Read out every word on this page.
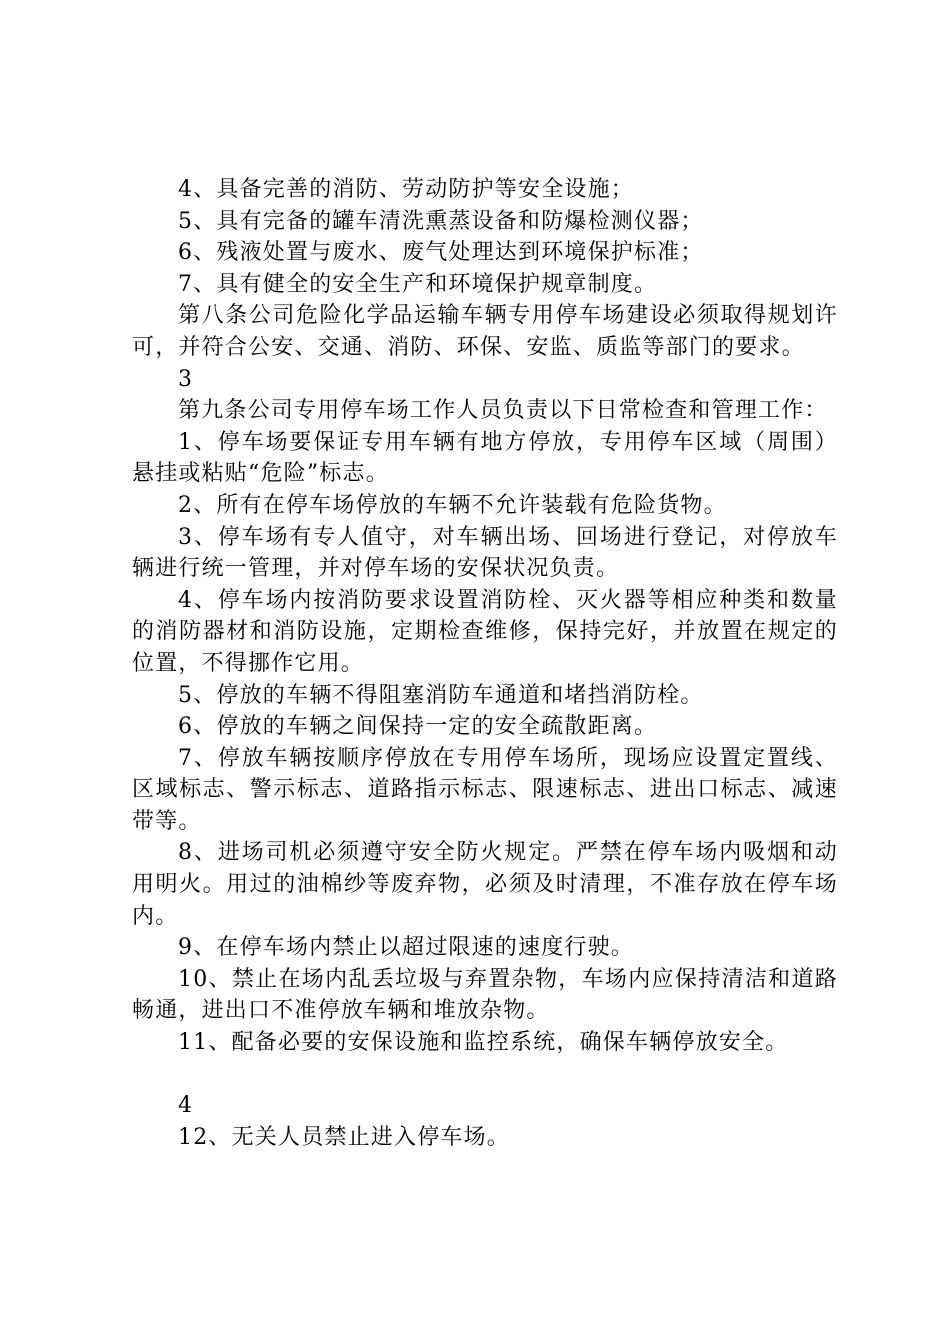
4、具备完善的消防、劳动防护等安全设施；

5、具有完备的罐车清洗熏蒸设备和防爆检测仪器；

6、残液处置与废水、废气处理达到环境保护标准；

7、具有健全的安全生产和环境保护规章制度。

第八条公司危险化学品运输车辆专用停车场建设必须取得规划许可，并符合公安、交通、消防、环保、安监、质监等部门的要求。

3

第九条公司专用停车场工作人员负责以下日常检查和管理工作：

1、停车场要保证专用车辆有地方停放，专用停车区域（周围）悬挂或粘贴“危险”标志。

2、所有在停车场停放的车辆不允许装载有危险货物。

3、停车场有专人值守，对车辆出场、回场进行登记，对停放车辆进行统一管理，并对停车场的安保状况负责。

4、停车场内按消防要求设置消防栓、灭火器等相应种类和数量的消防器材和消防设施，定期检查维修，保持完好，并放置在规定的位置，不得挪作它用。

5、停放的车辆不得阻塞消防车通道和堵挡消防栓。

6、停放的车辆之间保持一定的安全疏散距离。

7、停放车辆按顺序停放在专用停车场所，现场应设置定置线、区域标志、警示标志、道路指示标志、限速标志、进出口标志、减速带等。

8、进场司机必须遵守安全防火规定。严禁在停车场内吸烟和动用明火。用过的油棉纱等废弃物，必须及时清理，不准存放在停车场内。

9、在停车场内禁止以超过限速的速度行驶。

10、禁止在场内乱丢垃圾与弃置杂物，车场内应保持清洁和道路畅通，进出口不准停放车辆和堆放杂物。

11、配备必要的安保设施和监控系统，确保车辆停放安全。

4

12、无关人员禁止进入停车场。
